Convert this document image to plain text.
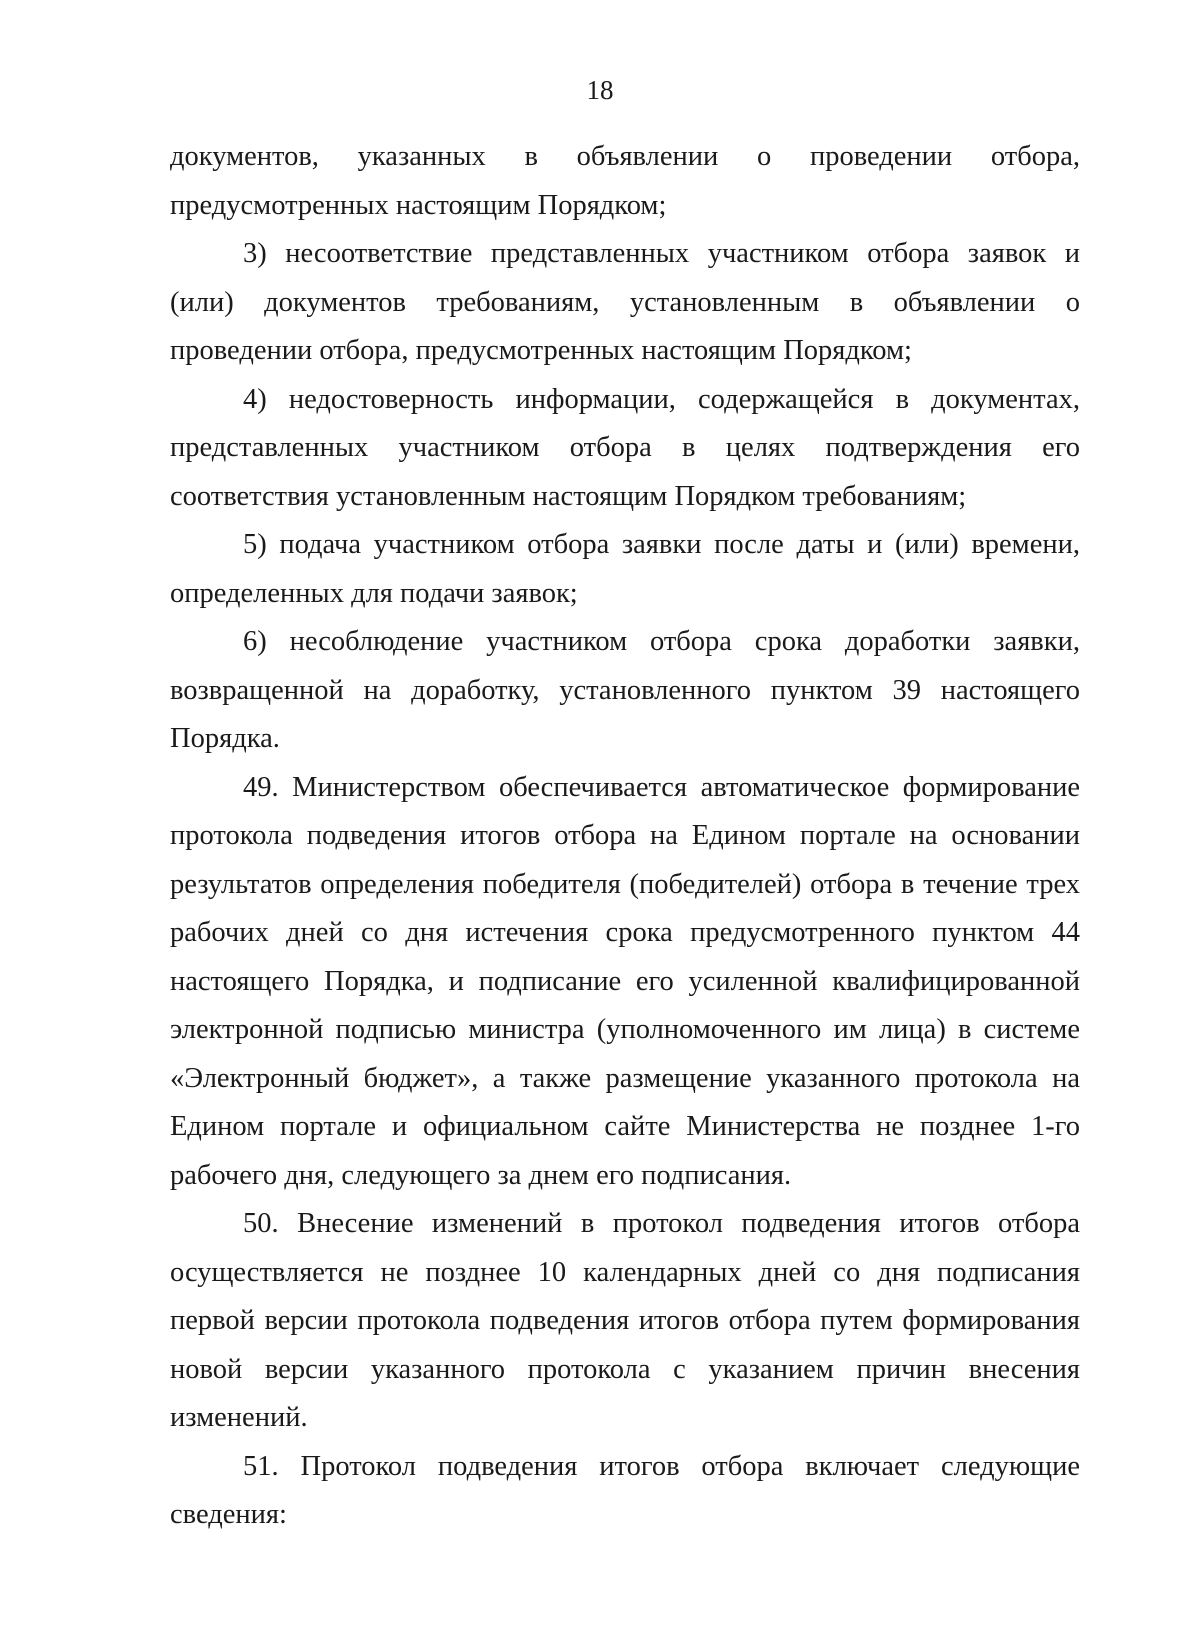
18

документов, указанных в объявлении о проведении отбора, предусмотренных настоящим Порядком;

3) несоответствие представленных участником отбора заявок и (или) документов требованиям, установленным в объявлении о проведении отбора, предусмотренных настоящим Порядком;

4) недостоверность информации, содержащейся в документах, представленных участником отбора в целях подтверждения его соответствия установленным настоящим Порядком требованиям;

5) подача участником отбора заявки после даты и (или) времени, определенных для подачи заявок;

6) несоблюдение участником отбора срока доработки заявки, возвращенной на доработку, установленного пунктом 39 настоящего Порядка.

49. Министерством обеспечивается автоматическое формирование протокола подведения итогов отбора на Едином портале на основании результатов определения победителя (победителей) отбора в течение трех рабочих дней со дня истечения срока предусмотренного пунктом 44 настоящего Порядка, и подписание его усиленной квалифицированной электронной подписью министра (уполномоченного им лица) в системе «Электронный бюджет», а также размещение указанного протокола на Едином портале и официальном сайте Министерства не позднее 1-го рабочего дня, следующего за днем его подписания.

50. Внесение изменений в протокол подведения итогов отбора осуществляется не позднее 10 календарных дней со дня подписания первой версии протокола подведения итогов отбора путем формирования новой версии указанного протокола с указанием причин внесения изменений.

51. Протокол подведения итогов отбора включает следующие сведения:
